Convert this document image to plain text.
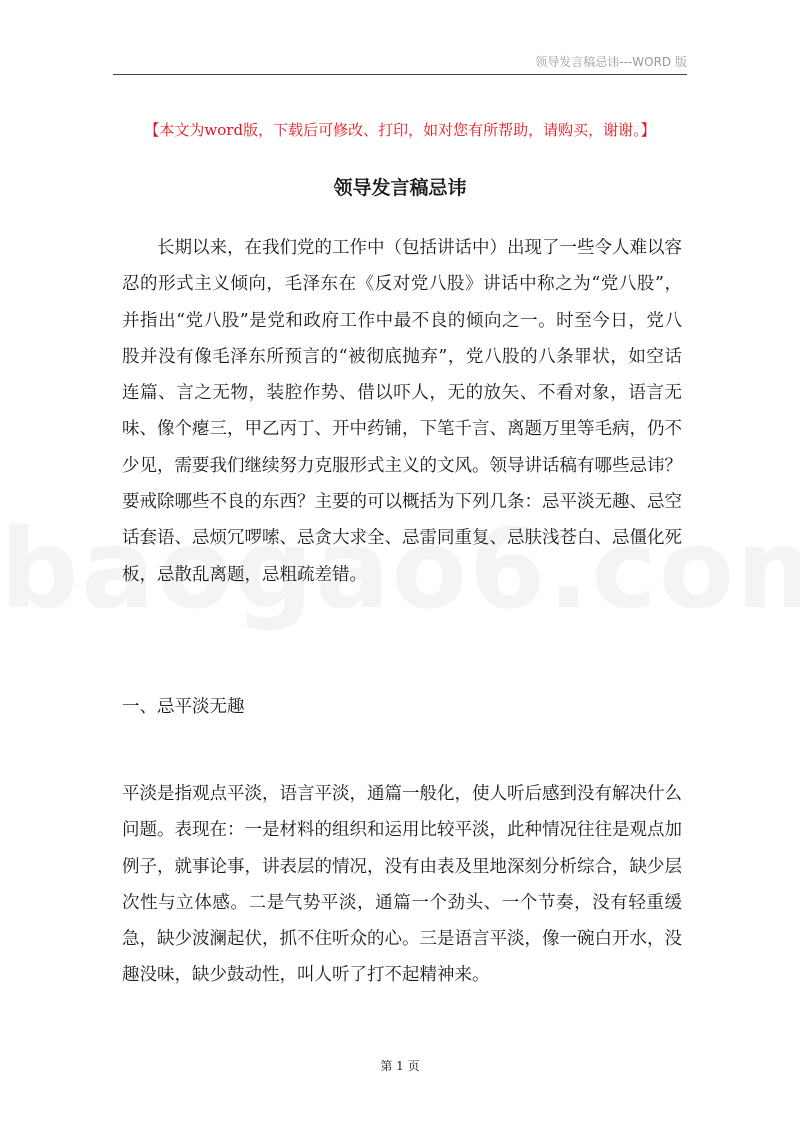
领导发言稿忌讳---WORD 版
【本文为word版，下载后可修改、打印，如对您有所帮助，请购买，谢谢。】
领导发言稿忌讳

长期以来，在我们党的工作中（包括讲话中）出现了一些令人难以容忍的形式主义倾向，毛泽东在《反对党八股》讲话中称之为“党八股”，并指出“党八股”是党和政府工作中最不良的倾向之一。时至今日，党八股并没有像毛泽东所预言的“被彻底抛弃”，党八股的八条罪状，如空话连篇、言之无物，装腔作势、借以吓人，无的放矢、不看对象，语言无味、像个瘪三，甲乙丙丁、开中药铺，下笔千言、离题万里等毛病，仍不少见，需要我们继续努力克服形式主义的文风。领导讲话稿有哪些忌讳？要戒除哪些不良的东西？主要的可以概括为下列几条：忌平淡无趣、忌空话套语、忌烦冗啰嗦、忌贪大求全、忌雷同重复、忌肤浅苍白、忌僵化死板，忌散乱离题，忌粗疏差错。

一、忌平淡无趣

平淡是指观点平淡，语言平淡，通篇一般化，使人听后感到没有解决什么问题。表现在：一是材料的组织和运用比较平淡，此种情况往往是观点加例子，就事论事，讲表层的情况，没有由表及里地深刻分析综合，缺少层次性与立体感。二是气势平淡，通篇一个劲头、一个节奏，没有轻重缓急，缺少波澜起伏，抓不住听众的心。三是语言平淡，像一碗白开水，没趣没味，缺少鼓动性，叫人听了打不起精神来。

第 1 页
